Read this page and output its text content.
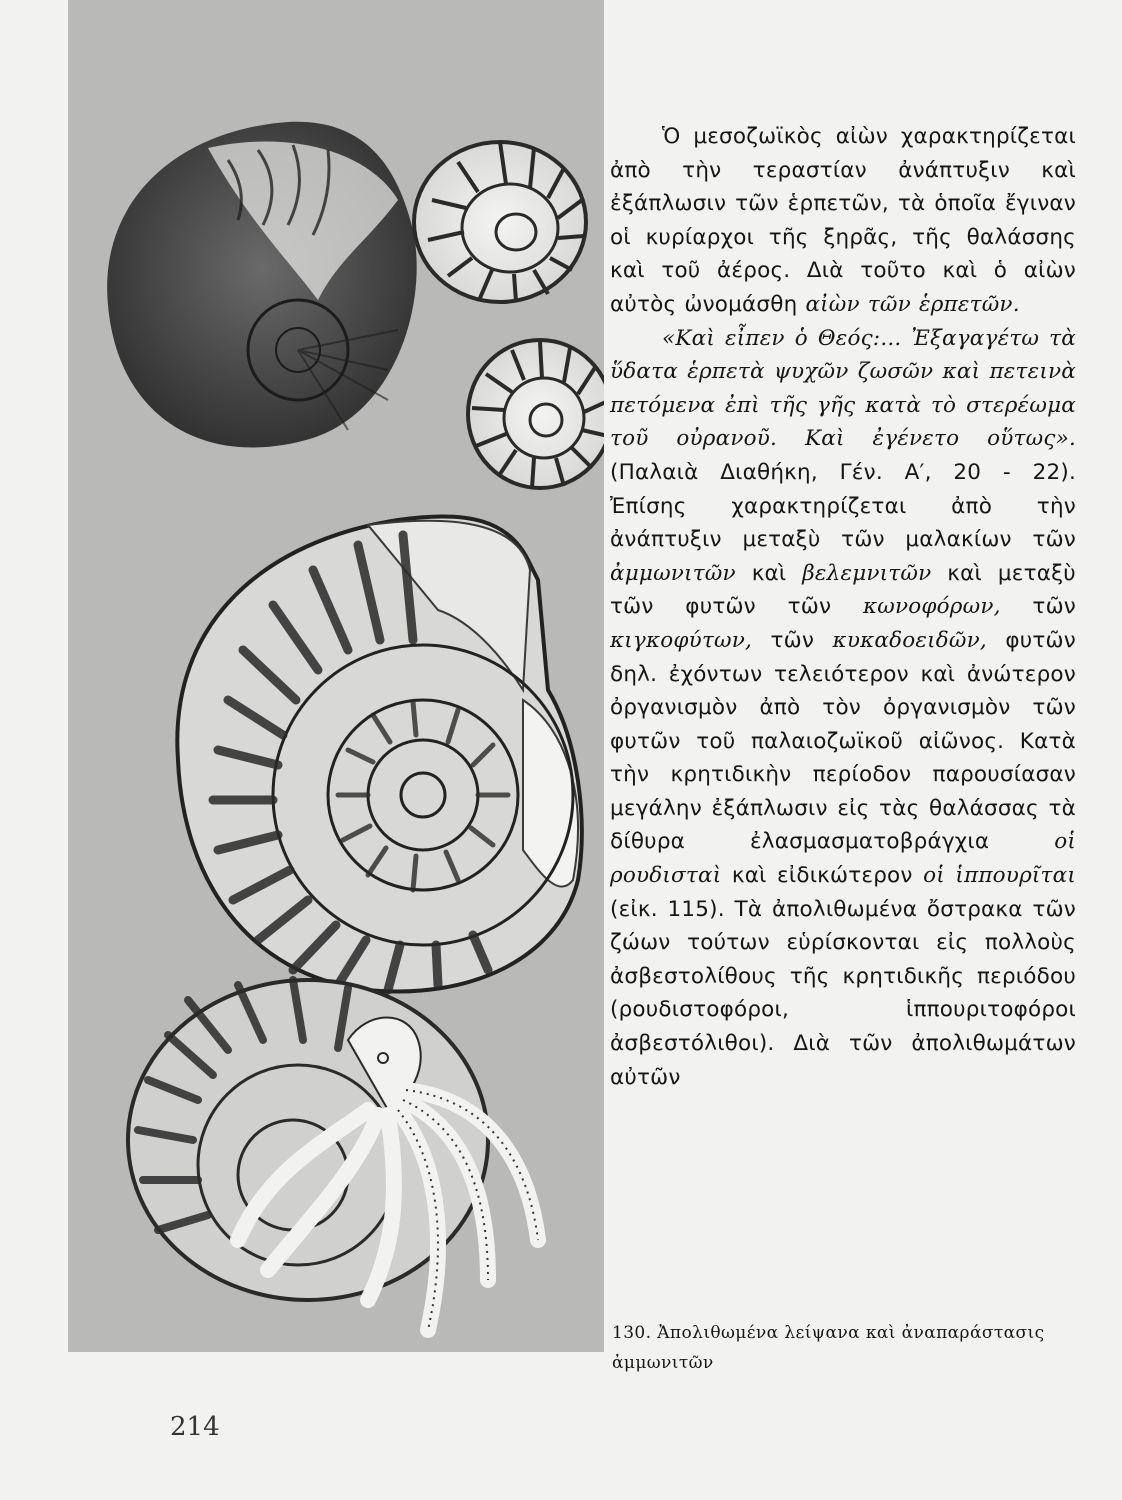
Ὁ μεσοζωϊκὸς αἰὼν χαρακτηρίζεται ἀπὸ τὴν τεραστίαν ἀνάπτυξιν καὶ ἐξάπλωσιν τῶν ἑρπετῶν, τὰ ὁποῖα ἔγιναν οἱ κυρίαρχοι τῆς ξηρᾶς, τῆς θαλάσσης καὶ τοῦ ἀέρος. Διὰ τοῦτο καὶ ὁ αἰὼν αὐτὸς ὠνομάσθη αἰὼν τῶν ἑρπετῶν.

«Καὶ εἶπεν ὁ Θεός:... Ἐξαγαγέτω τὰ ὕδατα ἑρπετὰ ψυχῶν ζωσῶν καὶ πετεινὰ πετόμενα ἐπὶ τῆς γῆς κατὰ τὸ στερέωμα τοῦ οὐρανοῦ. Καὶ ἐγένετο οὕτως». (Παλαιὰ Διαθήκη, Γέν. Α′, 20 - 22). Ἐπίσης χαρακτηρίζεται ἀπὸ τὴν ἀνάπτυξιν μεταξὺ τῶν μαλακίων τῶν ἀμμωνιτῶν καὶ βελεμνιτῶν καὶ μεταξὺ τῶν φυτῶν τῶν κωνοφόρων, τῶν κιγκοφύτων, τῶν κυκαδοειδῶν, φυτῶν δηλ. ἐχόντων τελειότερον καὶ ἀνώτερον ὀργανισμὸν ἀπὸ τὸν ὀργανισμὸν τῶν φυτῶν τοῦ παλαιοζωϊκοῦ αἰῶνος. Κατὰ τὴν κρητιδικὴν περίοδον παρουσίασαν μεγάλην ἐξάπλωσιν εἰς τὰς θαλάσσας τὰ δίθυρα ἐλασμασματοβράγχια	οἱ ρουδισταὶ καὶ εἰδικώτερον οἱ ἱππουρῖται (εἰκ. 115). Τὰ ἀπολιθωμένα ὄστρακα τῶν ζώων τούτων εὑρίσκονται εἰς πολλοὺς ἀσβεστολίθους τῆς κρητιδικῆς περιόδου (ρουδιστοφόροι, ἱππουριτοφόροι ἀσβεστόλιθοι). Διὰ τῶν ἀπολιθωμάτων αὐτῶν

130. Ἀπολιθωμένα λείψανα καὶ ἀναπαράστασις ἀμμωνιτῶν
214
